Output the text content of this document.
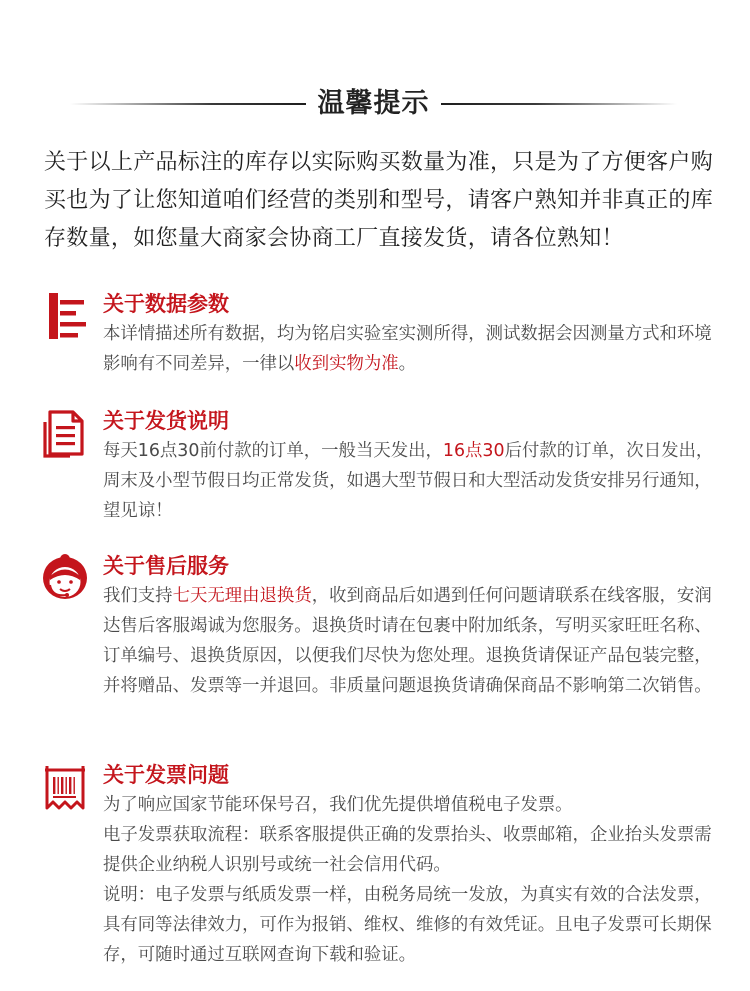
温馨提示

关于以上产品标注的库存以实际购买数量为准，只是为了方便客户购买也为了让您知道咱们经营的类别和型号，请客户熟知并非真正的库存数量，如您量大商家会协商工厂直接发货，请各位熟知！

关于数据参数

本详情描述所有数据，均为铭启实验室实测所得，测试数据会因测量方式和环境影响有不同差异，一律以收到实物为准。

关于发货说明

每天16点30前付款的订单，一般当天发出，16点30后付款的订单，次日发出，周末及小型节假日均正常发货，如遇大型节假日和大型活动发货安排另行通知，望见谅！

关于售后服务

我们支持七天无理由退换货，收到商品后如遇到任何问题请联系在线客服，安润达售后客服竭诚为您服务。退换货时请在包裹中附加纸条，写明买家旺旺名称、订单编号、退换货原因，以便我们尽快为您处理。退换货请保证产品包装完整，并将赠品、发票等一并退回。非质量问题退换货请确保商品不影响第二次销售。

关于发票问题

为了响应国家节能环保号召，我们优先提供增值税电子发票。
电子发票获取流程：联系客服提供正确的发票抬头、收票邮箱，企业抬头发票需提供企业纳税人识别号或统一社会信用代码。
说明：电子发票与纸质发票一样，由税务局统一发放，为真实有效的合法发票，具有同等法律效力，可作为报销、维权、维修的有效凭证。且电子发票可长期保存，可随时通过互联网查询下载和验证。
